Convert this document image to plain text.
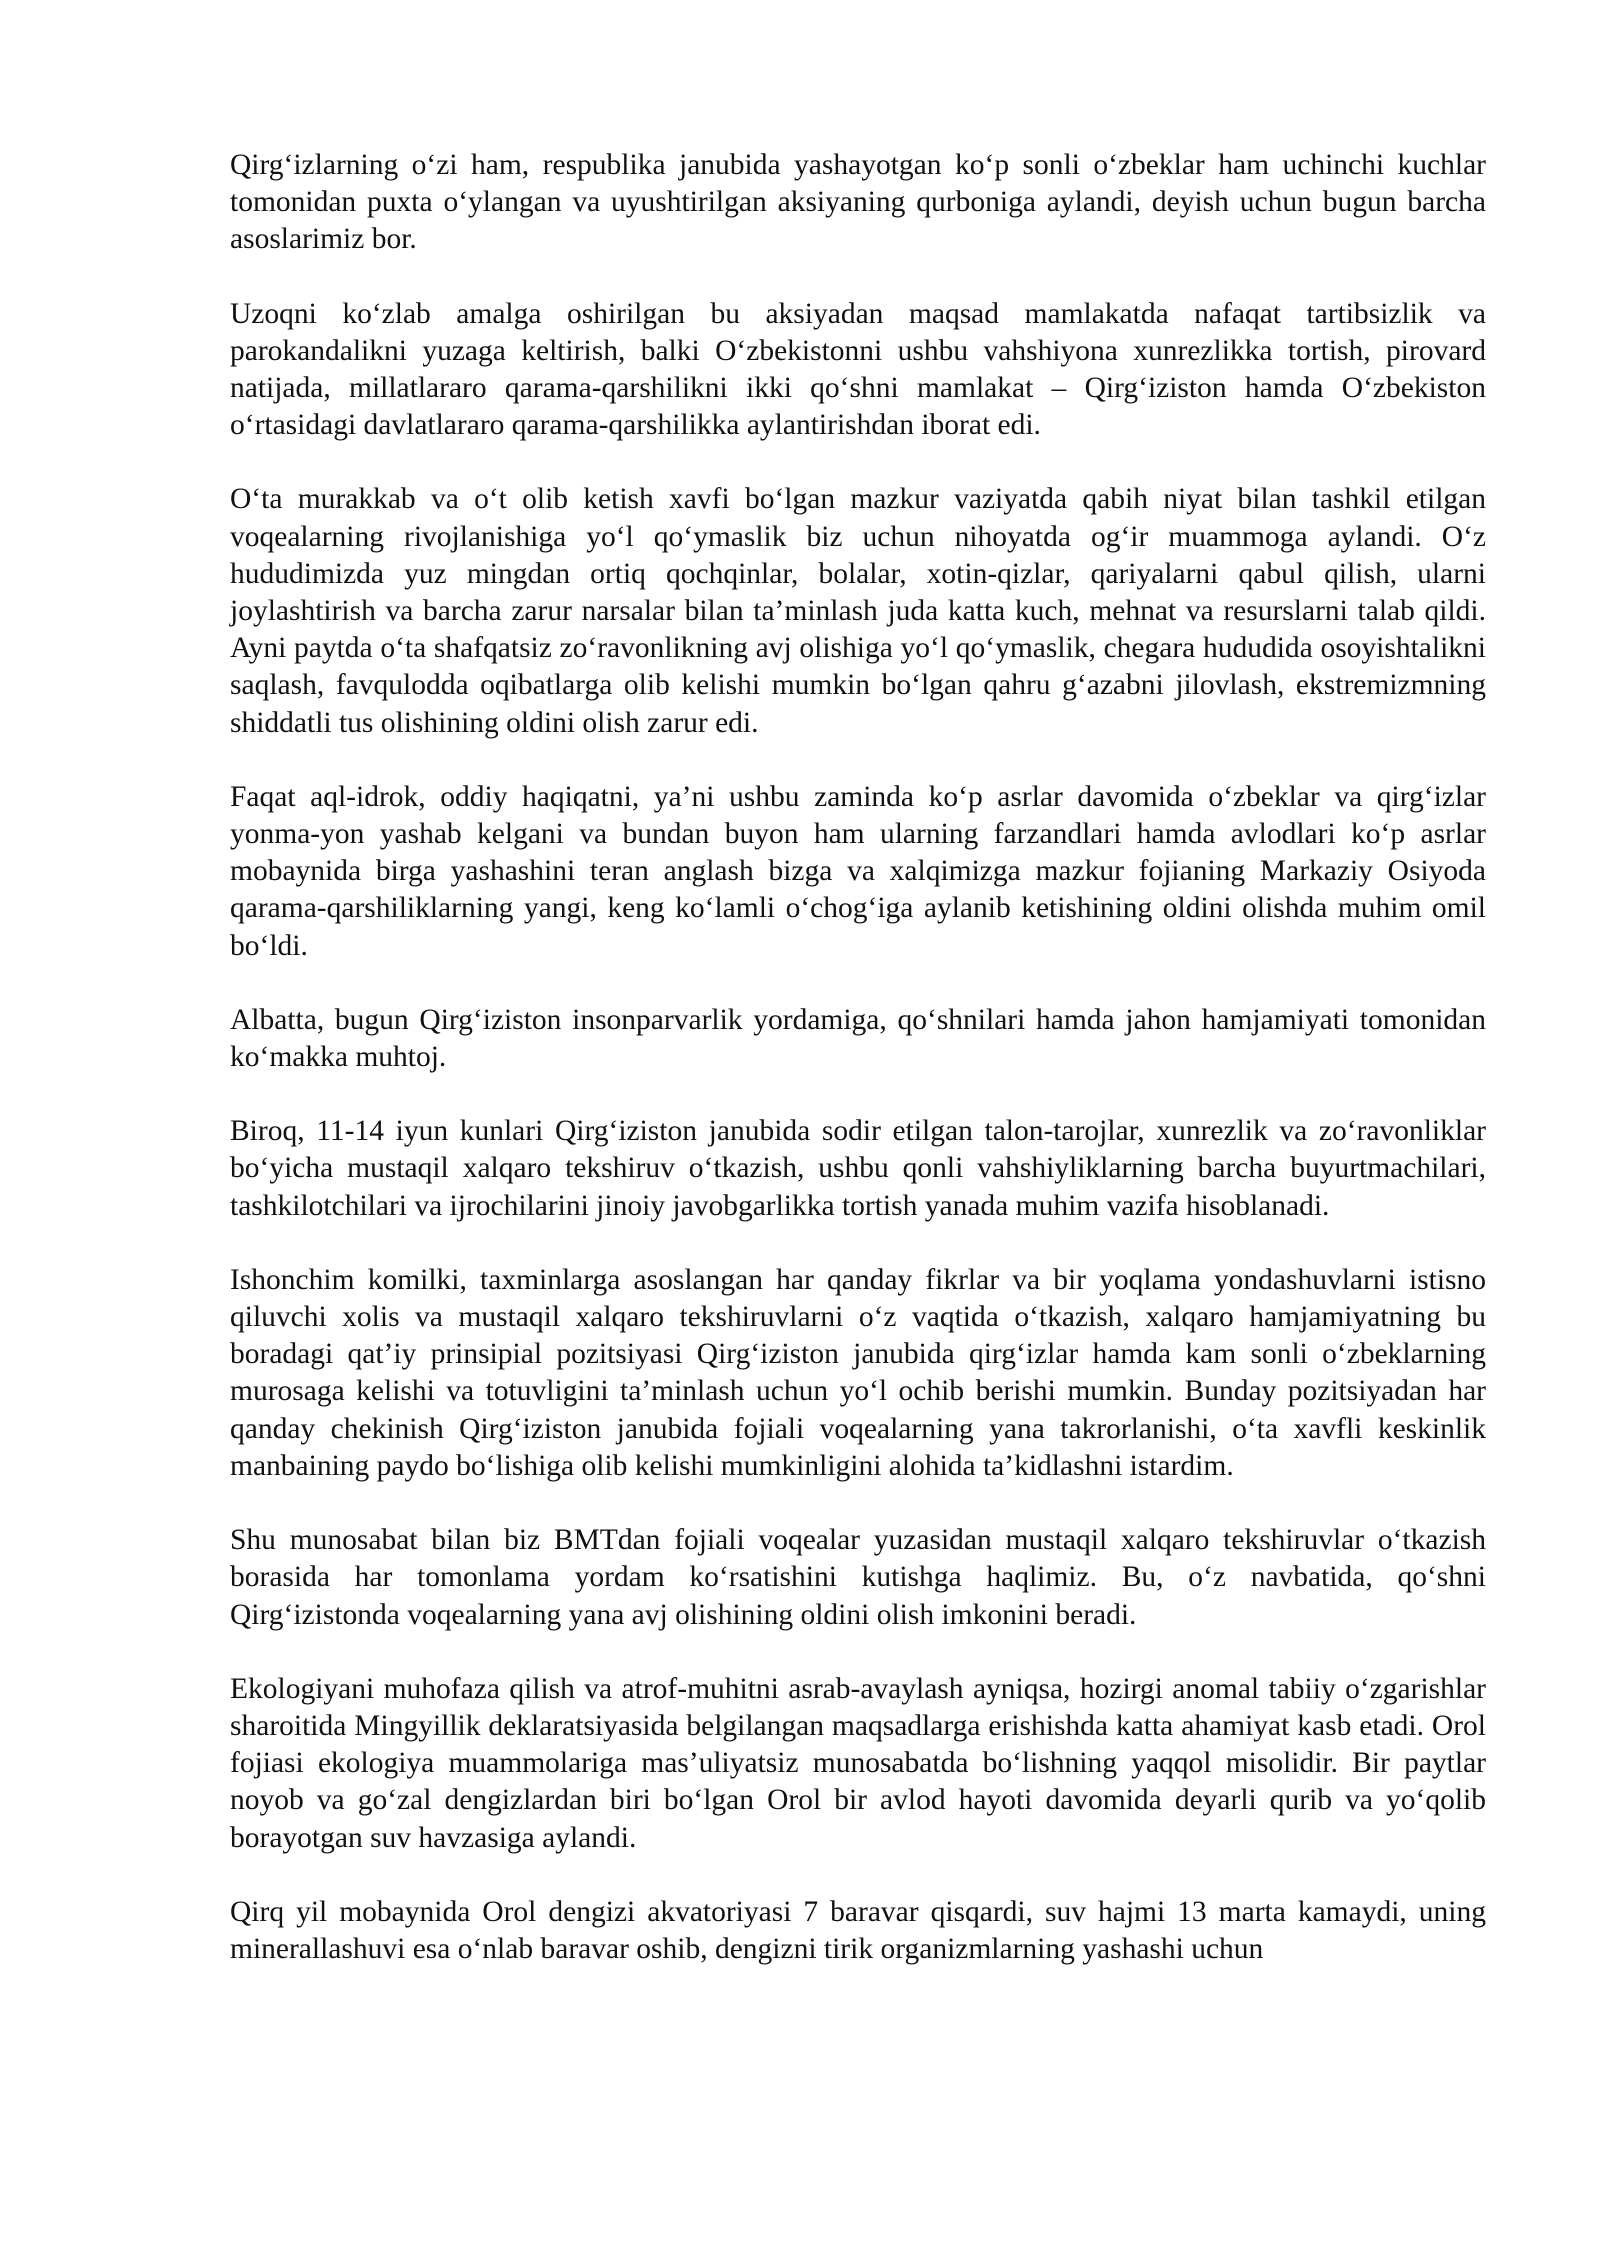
Qirg‘izlarning o‘zi ham, respublika janubida yashayotgan ko‘p sonli o‘zbeklar ham uchinchi kuchlar tomonidan puxta o‘ylangan va uyushtirilgan aksiyaning qurboniga aylandi, deyish uchun bugun barcha asoslarimiz bor.

Uzoqni ko‘zlab amalga oshirilgan bu aksiyadan maqsad mamlakatda nafaqat tartibsizlik va parokandalikni yuzaga keltirish, balki O‘zbekistonni ushbu vahshiyona xunrezlikka tortish, pirovard natijada, millatlararo qarama-qarshilikni ikki qo‘shni mamlakat – Qirg‘iziston hamda O‘zbekiston o‘rtasidagi davlatlararo qarama-qarshilikka aylantirishdan iborat edi.

O‘ta murakkab va o‘t olib ketish xavfi bo‘lgan mazkur vaziyatda qabih niyat bilan tashkil etilgan voqealarning rivojlanishiga yo‘l qo‘ymaslik biz uchun nihoyatda og‘ir muammoga aylandi. O‘z hududimizda yuz mingdan ortiq qochqinlar, bolalar, xotin-qizlar, qariyalarni qabul qilish, ularni joylashtirish va barcha zarur narsalar bilan ta’minlash juda katta kuch, mehnat va resurslarni talab qildi. Ayni paytda o‘ta shafqatsiz zo‘ravonlikning avj olishiga yo‘l qo‘ymaslik, chegara hududida osoyishtalikni saqlash, favqulodda oqibatlarga olib kelishi mumkin bo‘lgan qahru g‘azabni jilovlash, ekstremizmning shiddatli tus olishining oldini olish zarur edi.

Faqat aql-idrok, oddiy haqiqatni, ya’ni ushbu zaminda ko‘p asrlar davomida o‘zbeklar va qirg‘izlar yonma-yon yashab kelgani va bundan buyon ham ularning farzandlari hamda avlodlari ko‘p asrlar mobaynida birga yashashini teran anglash bizga va xalqimizga mazkur fojianing Markaziy Osiyoda qarama-qarshiliklarning yangi, keng ko‘lamli o‘chog‘iga aylanib ketishining oldini olishda muhim omil bo‘ldi.

Albatta, bugun Qirg‘iziston insonparvarlik yordamiga, qo‘shnilari hamda jahon hamjamiyati tomonidan ko‘makka muhtoj.

Biroq, 11-14 iyun kunlari Qirg‘iziston janubida sodir etilgan talon-tarojlar, xunrezlik va zo‘ravonliklar bo‘yicha mustaqil xalqaro tekshiruv o‘tkazish, ushbu qonli vahshiyliklarning barcha buyurtmachilari, tashkilotchilari va ijrochilarini jinoiy javobgarlikka tortish yanada muhim vazifa hisoblanadi.

Ishonchim komilki, taxminlarga asoslangan har qanday fikrlar va bir yoqlama yondashuvlarni istisno qiluvchi xolis va mustaqil xalqaro tekshiruvlarni o‘z vaqtida o‘tkazish, xalqaro hamjamiyatning bu boradagi qat’iy prinsipial pozitsiyasi Qirg‘iziston janubida qirg‘izlar hamda kam sonli o‘zbeklarning murosaga kelishi va totuvligini ta’minlash uchun yo‘l ochib berishi mumkin. Bunday pozitsiyadan har qanday chekinish Qirg‘iziston janubida fojiali voqealarning yana takrorlanishi, o‘ta xavfli keskinlik manbaining paydo bo‘lishiga olib kelishi mumkinligini alohida ta’kidlashni istardim.

Shu munosabat bilan biz BMTdan fojiali voqealar yuzasidan mustaqil xalqaro tekshiruvlar o‘tkazish borasida har tomonlama yordam ko‘rsatishini kutishga haqlimiz. Bu, o‘z navbatida, qo‘shni Qirg‘izistonda voqealarning yana avj olishining oldini olish imkonini beradi.

Ekologiyani muhofaza qilish va atrof-muhitni asrab-avaylash ayniqsa, hozirgi anomal tabiiy o‘zgarishlar sharoitida Mingyillik deklaratsiyasida belgilangan maqsadlarga erishishda katta ahamiyat kasb etadi. Orol fojiasi ekologiya muammolariga mas’uliyatsiz munosabatda bo‘lishning yaqqol misolidir. Bir paytlar noyob va go‘zal dengizlardan biri bo‘lgan Orol bir avlod hayoti davomida deyarli qurib va yo‘qolib borayotgan suv havzasiga aylandi.

Qirq yil mobaynida Orol dengizi akvatoriyasi 7 baravar qisqardi, suv hajmi 13 marta kamaydi, uning minerallashuvi esa o‘nlab baravar oshib, dengizni tirik organizmlarning yashashi uchun
